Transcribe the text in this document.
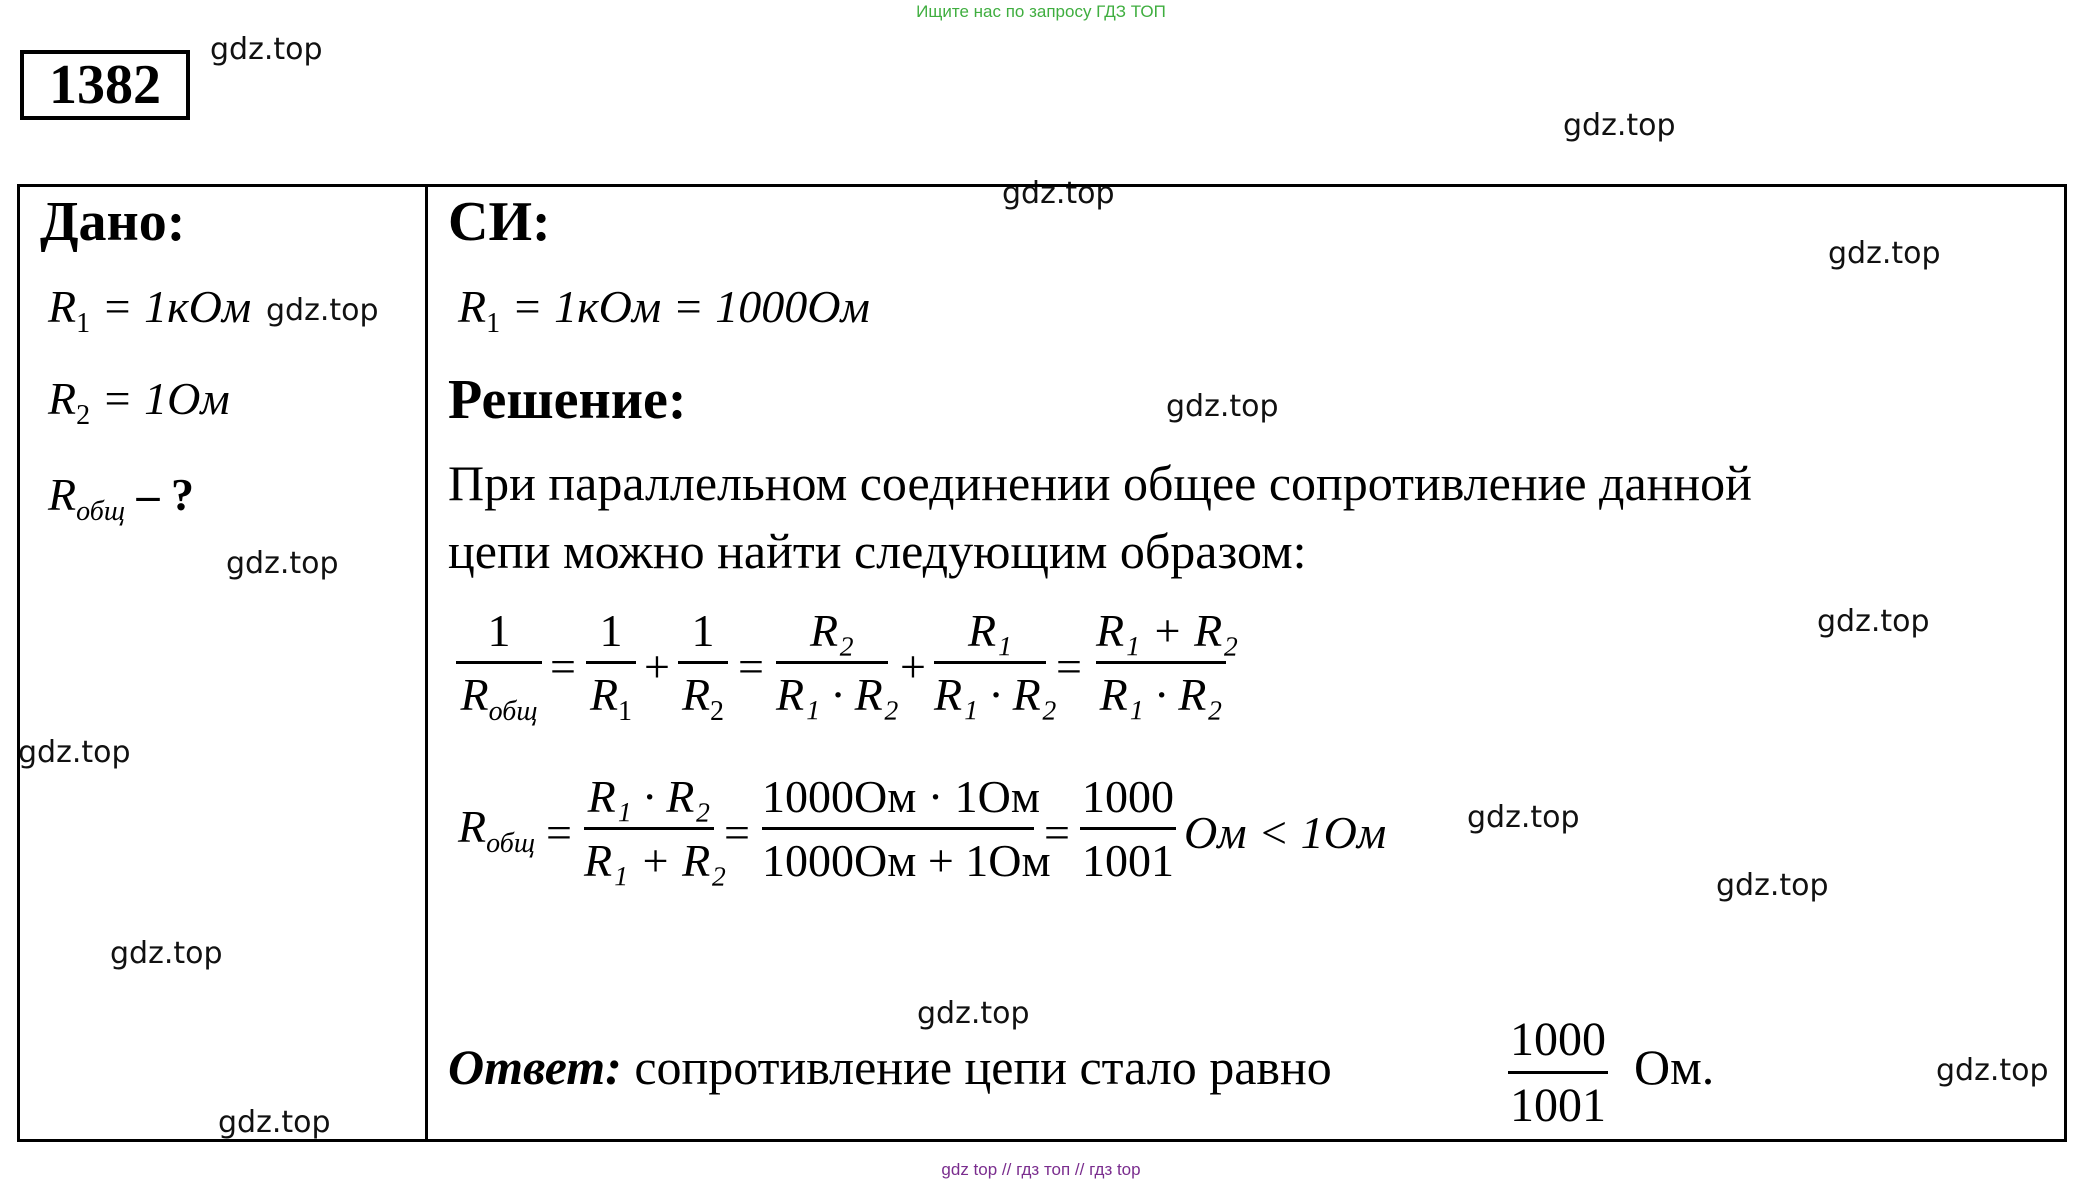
Ищите нас по запросу ГДЗ ТОП
1382
gdz.top
gdz.top
gdz.top
gdz.top
gdz.top
gdz.top
gdz.top
gdz.top
gdz.top
gdz.top
gdz.top
gdz.top
gdz.top
gdz.top
gdz.top
Дано:
$R_1 = 1кОм$
$R_2 = 1Ом$
$R_{общ}$ – ?
СИ:
$R_1 = 1кОм = 1000Ом$
Решение:
При параллельном соединении общее сопротивление данной
цепи можно найти следующим образом:
1
$R_{общ}$
=
1
$R_1$
+
1
$R_2$
=
R₂
R₁ · R₂
+
R₁
R₁ · R₂
=
R₁ + R₂
R₁ · R₂
$R_{общ}$ =
R₁ · R₂
R₁ + R₂
=
1000Ом · 1Ом
1000Ом + 1Ом
=
1000
1001
Ом < 1Ом
Ответ: сопротивление цепи стало равно	1000
1001
Ом.
gdz top // гдз топ // гдз top
